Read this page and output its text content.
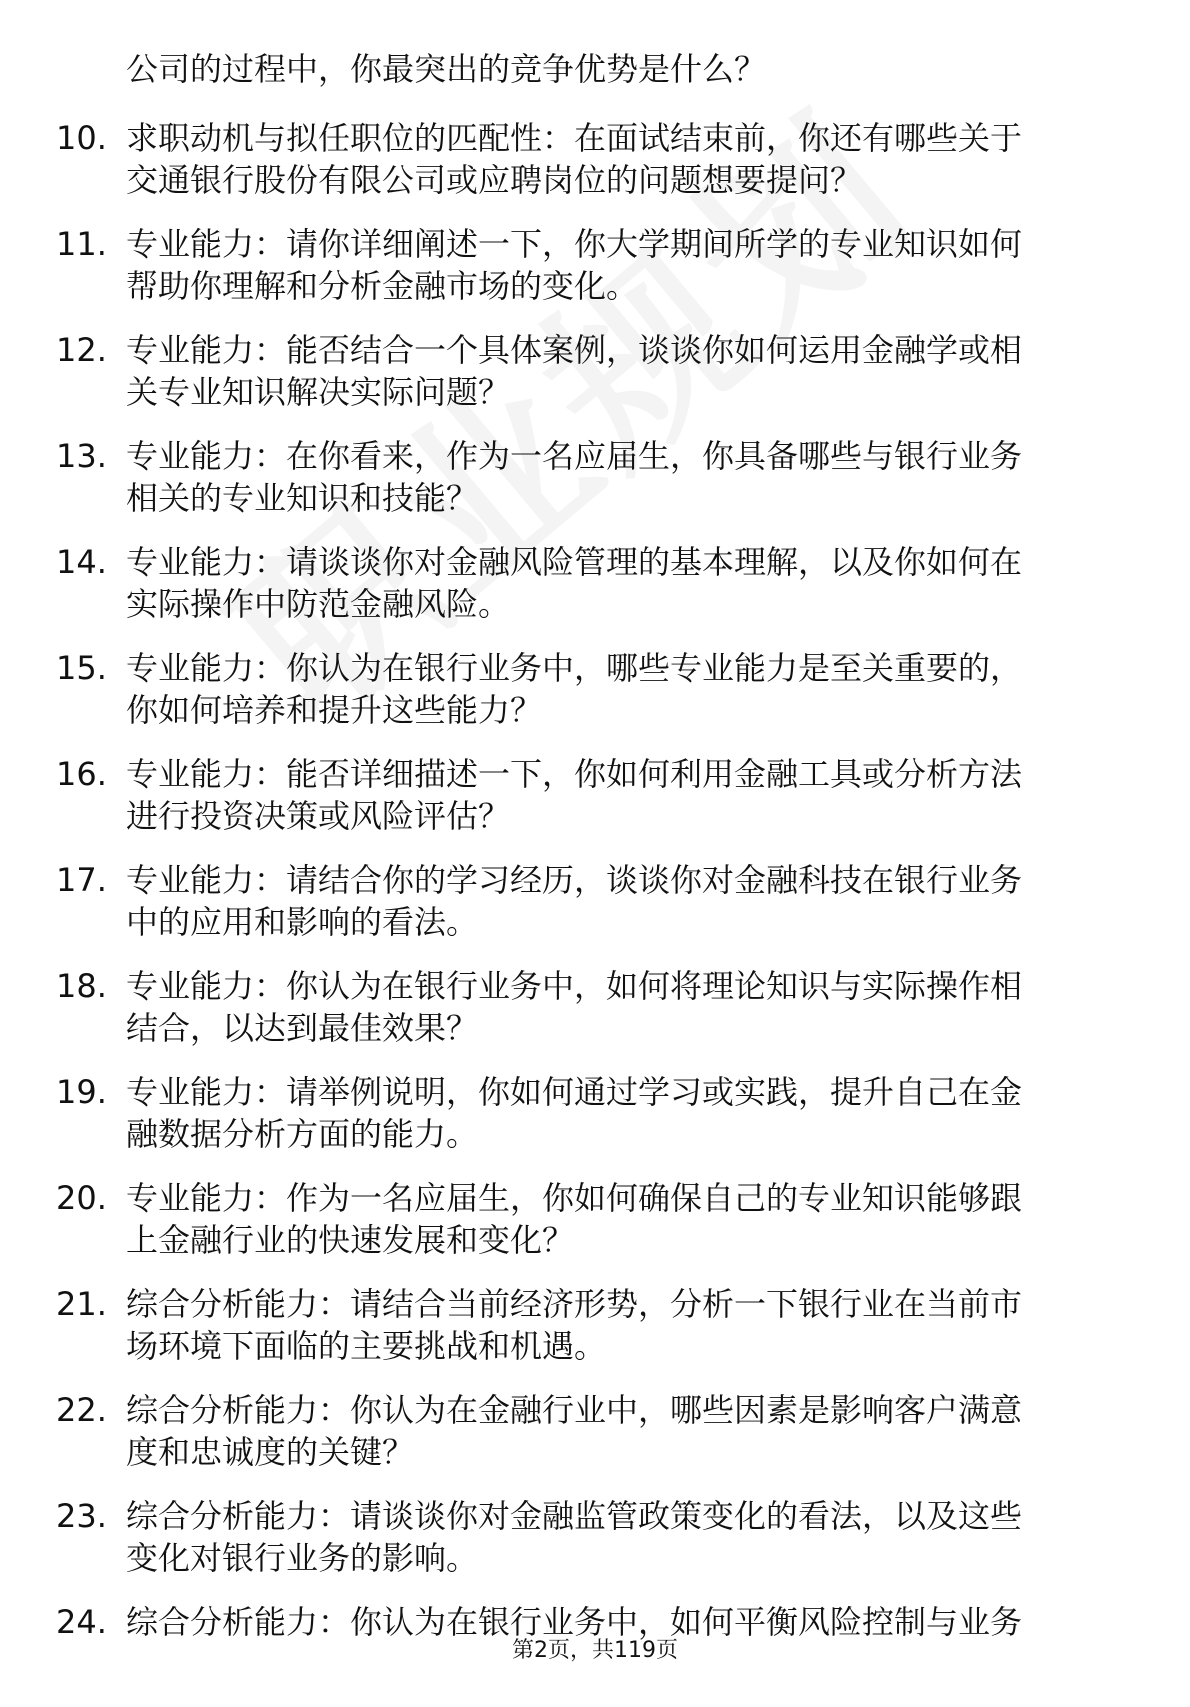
公司的过程中，你最突出的竞争优势是什么？
10. 求职动机与拟任职位的匹配性：在面试结束前，你还有哪些关于
交通银行股份有限公司或应聘岗位的问题想要提问？
11. 专业能力：请你详细阐述一下，你大学期间所学的专业知识如何
帮助你理解和分析金融市场的变化。
12. 专业能力：能否结合一个具体案例，谈谈你如何运用金融学或相
关专业知识解决实际问题？
13. 专业能力：在你看来，作为一名应届生，你具备哪些与银行业务
相关的专业知识和技能？
14. 专业能力：请谈谈你对金融风险管理的基本理解，以及你如何在
实际操作中防范金融风险。
15. 专业能力：你认为在银行业务中，哪些专业能力是至关重要的，
你如何培养和提升这些能力？
16. 专业能力：能否详细描述一下，你如何利用金融工具或分析方法
进行投资决策或风险评估？
17. 专业能力：请结合你的学习经历，谈谈你对金融科技在银行业务
中的应用和影响的看法。
18. 专业能力：你认为在银行业务中，如何将理论知识与实际操作相
结合，以达到最佳效果？
19. 专业能力：请举例说明，你如何通过学习或实践，提升自己在金
融数据分析方面的能力。
20. 专业能力：作为一名应届生，你如何确保自己的专业知识能够跟
上金融行业的快速发展和变化？
21. 综合分析能力：请结合当前经济形势，分析一下银行业在当前市
场环境下面临的主要挑战和机遇。
22. 综合分析能力：你认为在金融行业中，哪些因素是影响客户满意
度和忠诚度的关键？
23. 综合分析能力：请谈谈你对金融监管政策变化的看法，以及这些
变化对银行业务的影响。
24. 综合分析能力：你认为在银行业务中，如何平衡风险控制与业务
第2页，共119页
